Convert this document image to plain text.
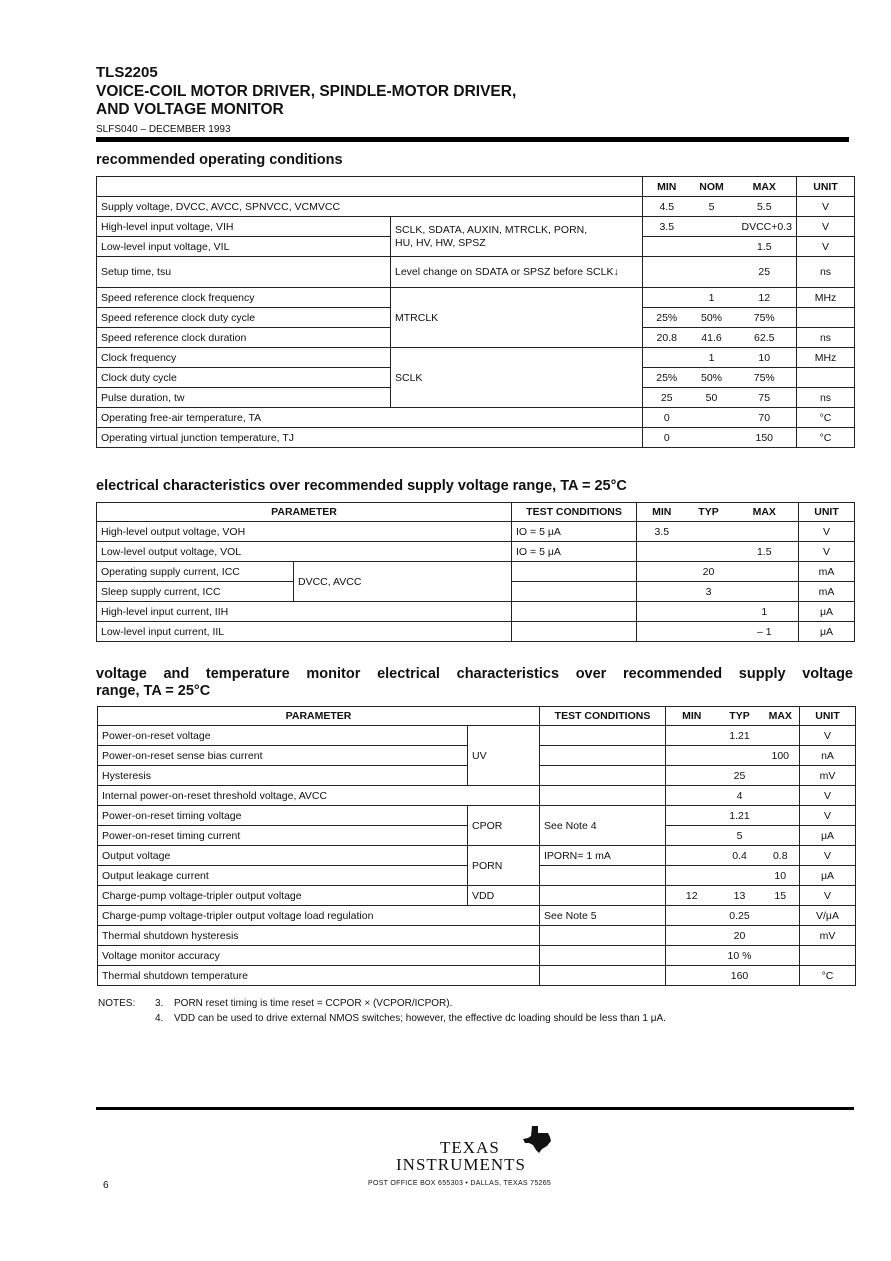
TLS2205
VOICE-COIL MOTOR DRIVER, SPINDLE-MOTOR DRIVER,
AND VOLTAGE MONITOR
SLFS040 – DECEMBER 1993
recommended operating conditions
		MIN	NOM	MAX	UNIT
Supply voltage, DVCC, AVCC, SPNVCC, VCMVCC		4.5	5	5.5	V
High-level input voltage, VIH	SCLK, SDATA, AUXIN, MTRCLK, PORN,
HU, HV, HW, SPSZ	3.5		DVCC+0.3	V
Low-level input voltage, VIL				1.5	V
Setup time, tsu	Level change on SDATA or SPSZ before SCLK↓			25	ns
Speed reference clock frequency	MTRCLK		1	12	MHz
Speed reference clock duty cycle		25%	50%	75%	
Speed reference clock duration		20.8	41.6	62.5	ns
Clock frequency	SCLK		1	10	MHz
Clock duty cycle		25%	50%	75%	
Pulse duration, tw		25	50	75	ns
Operating free-air temperature, TA		0		70	°C
Operating virtual junction temperature, TJ		0		150	°C
electrical characteristics over recommended supply voltage range, TA = 25°C
PARAMETER		TEST CONDITIONS	MIN	TYP	MAX	UNIT
High-level output voltage, VOH		IO = 5 μA	3.5			V
Low-level output voltage, VOL		IO = 5 μA			1.5	V
Operating supply current, ICC	DVCC, AVCC			20		mA
Sleep supply current, ICC				3		mA
High-level input current, IIH					1	μA
Low-level input current, IIL					– 1	μA
voltage and temperature monitor electrical characteristics over recommended supply voltage
range, TA = 25°C
PARAMETER		TEST CONDITIONS	MIN	TYP	MAX	UNIT
Power-on-reset voltage	UV			1.21		V
Power-on-reset sense bias current					100	nA
Hysteresis				25		mV
Internal power-on-reset threshold voltage, AVCC				4		V
Power-on-reset timing voltage	CPOR	See Note 4		1.21		V
Power-on-reset timing current				5		μA
Output voltage	PORN	IPORN= 1 mA		0.4	0.8	V
Output leakage current					10	μA
Charge-pump voltage-tripler output voltage	VDD		12	13	15	V
Charge-pump voltage-tripler output voltage load regulation		See Note 5		0.25		V/μA
Thermal shutdown hysteresis				20		mV
Voltage monitor accuracy				10 %		
Thermal shutdown temperature				160		°C
NOTES: 3. PORN reset timing is time reset = CCPOR × (VCPOR/ICPOR).
4. VDD can be used to drive external NMOS switches; however, the effective dc loading should be less than 1 μA.
TEXAS
INSTRUMENTS
POST OFFICE BOX 655303 • DALLAS, TEXAS 75265
6
